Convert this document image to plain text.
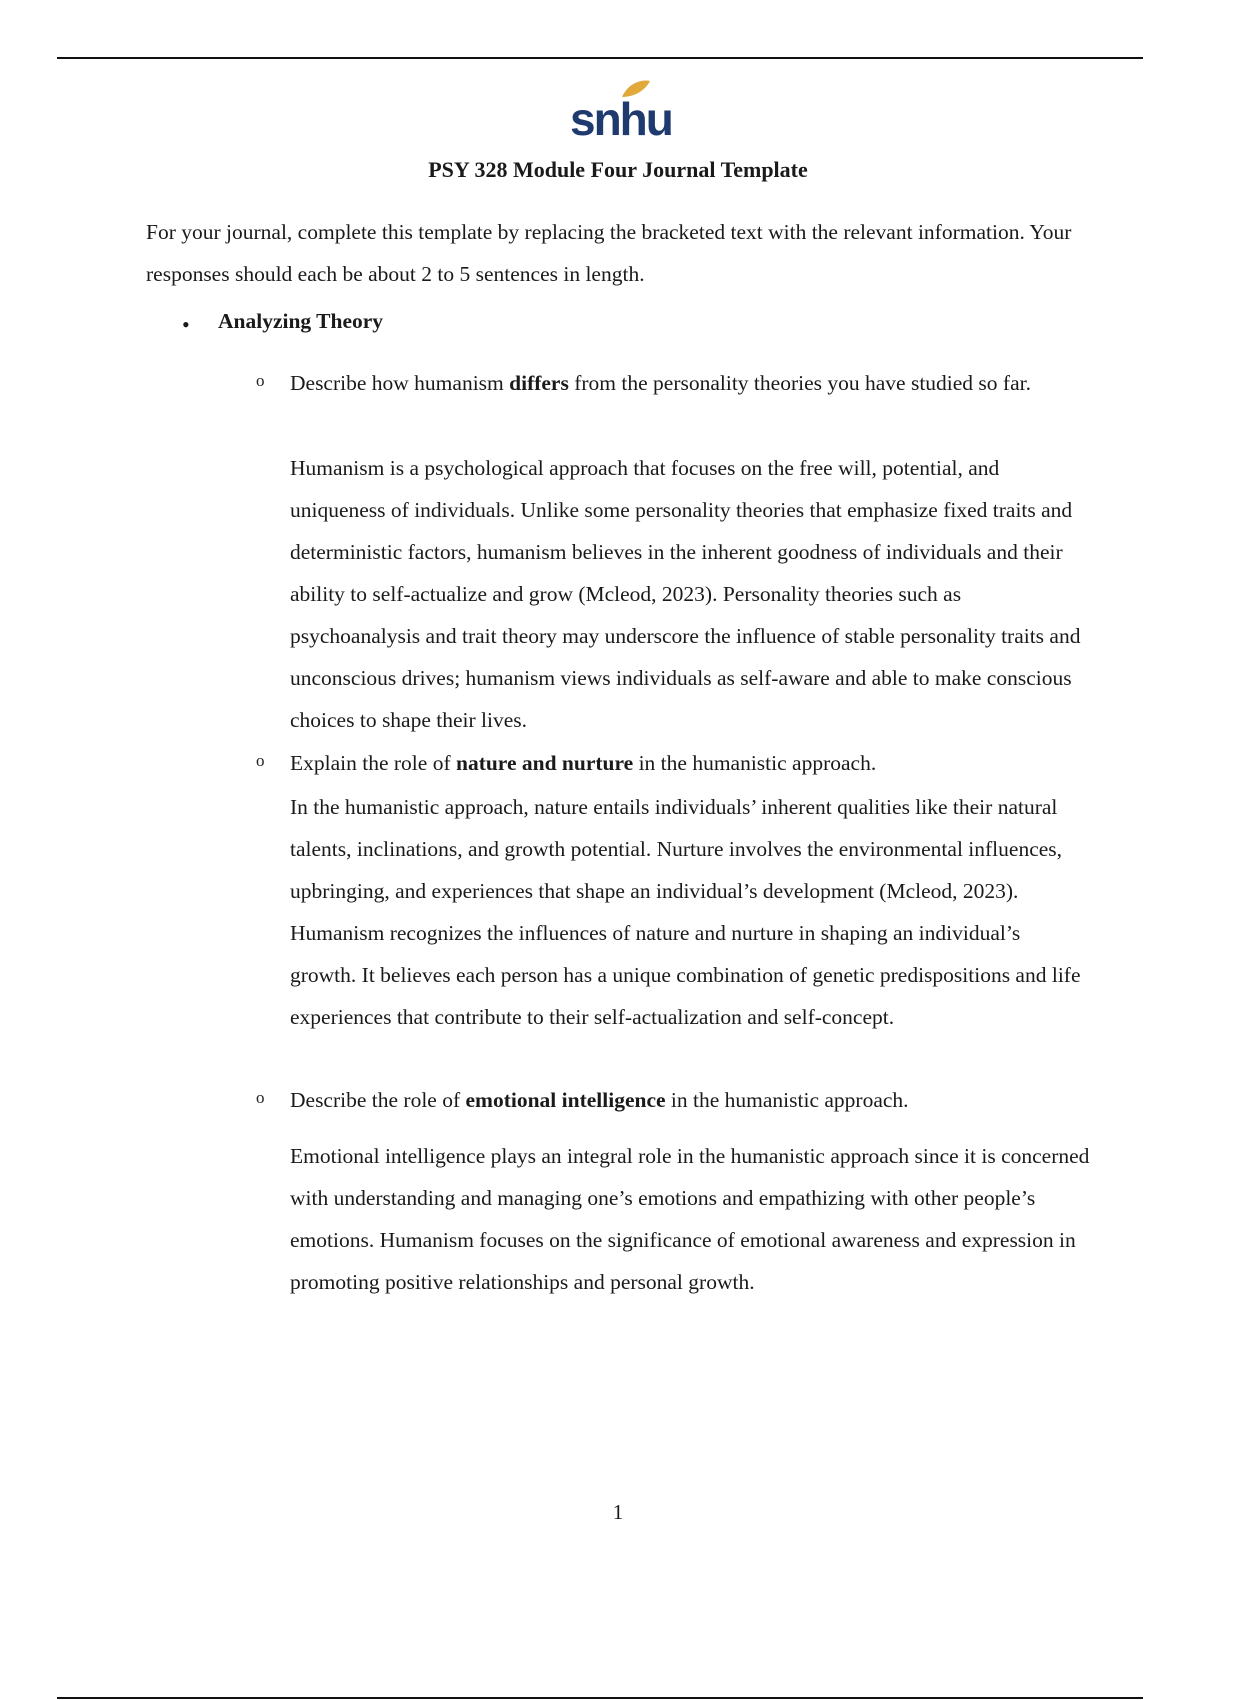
snhu
PSY 328 Module Four Journal Template

For your journal, complete this template by replacing the bracketed text with the relevant information. Your responses should each be about 2 to 5 sentences in length.

• Analyzing Theory
o Describe how humanism differs from the personality theories you have studied so far.

Humanism is a psychological approach that focuses on the free will, potential, and uniqueness of individuals. Unlike some personality theories that emphasize fixed traits and deterministic factors, humanism believes in the inherent goodness of individuals and their ability to self-actualize and grow (Mcleod, 2023). Personality theories such as psychoanalysis and trait theory may underscore the influence of stable personality traits and unconscious drives; humanism views individuals as self-aware and able to make conscious choices to shape their lives.

o Explain the role of nature and nurture in the humanistic approach.

In the humanistic approach, nature entails individuals’ inherent qualities like their natural talents, inclinations, and growth potential. Nurture involves the environmental influences, upbringing, and experiences that shape an individual’s development (Mcleod, 2023). Humanism recognizes the influences of nature and nurture in shaping an individual’s growth. It believes each person has a unique combination of genetic predispositions and life experiences that contribute to their self-actualization and self-concept.

o Describe the role of emotional intelligence in the humanistic approach.

Emotional intelligence plays an integral role in the humanistic approach since it is concerned with understanding and managing one’s emotions and empathizing with other people’s emotions. Humanism focuses on the significance of emotional awareness and expression in promoting positive relationships and personal growth.

1
